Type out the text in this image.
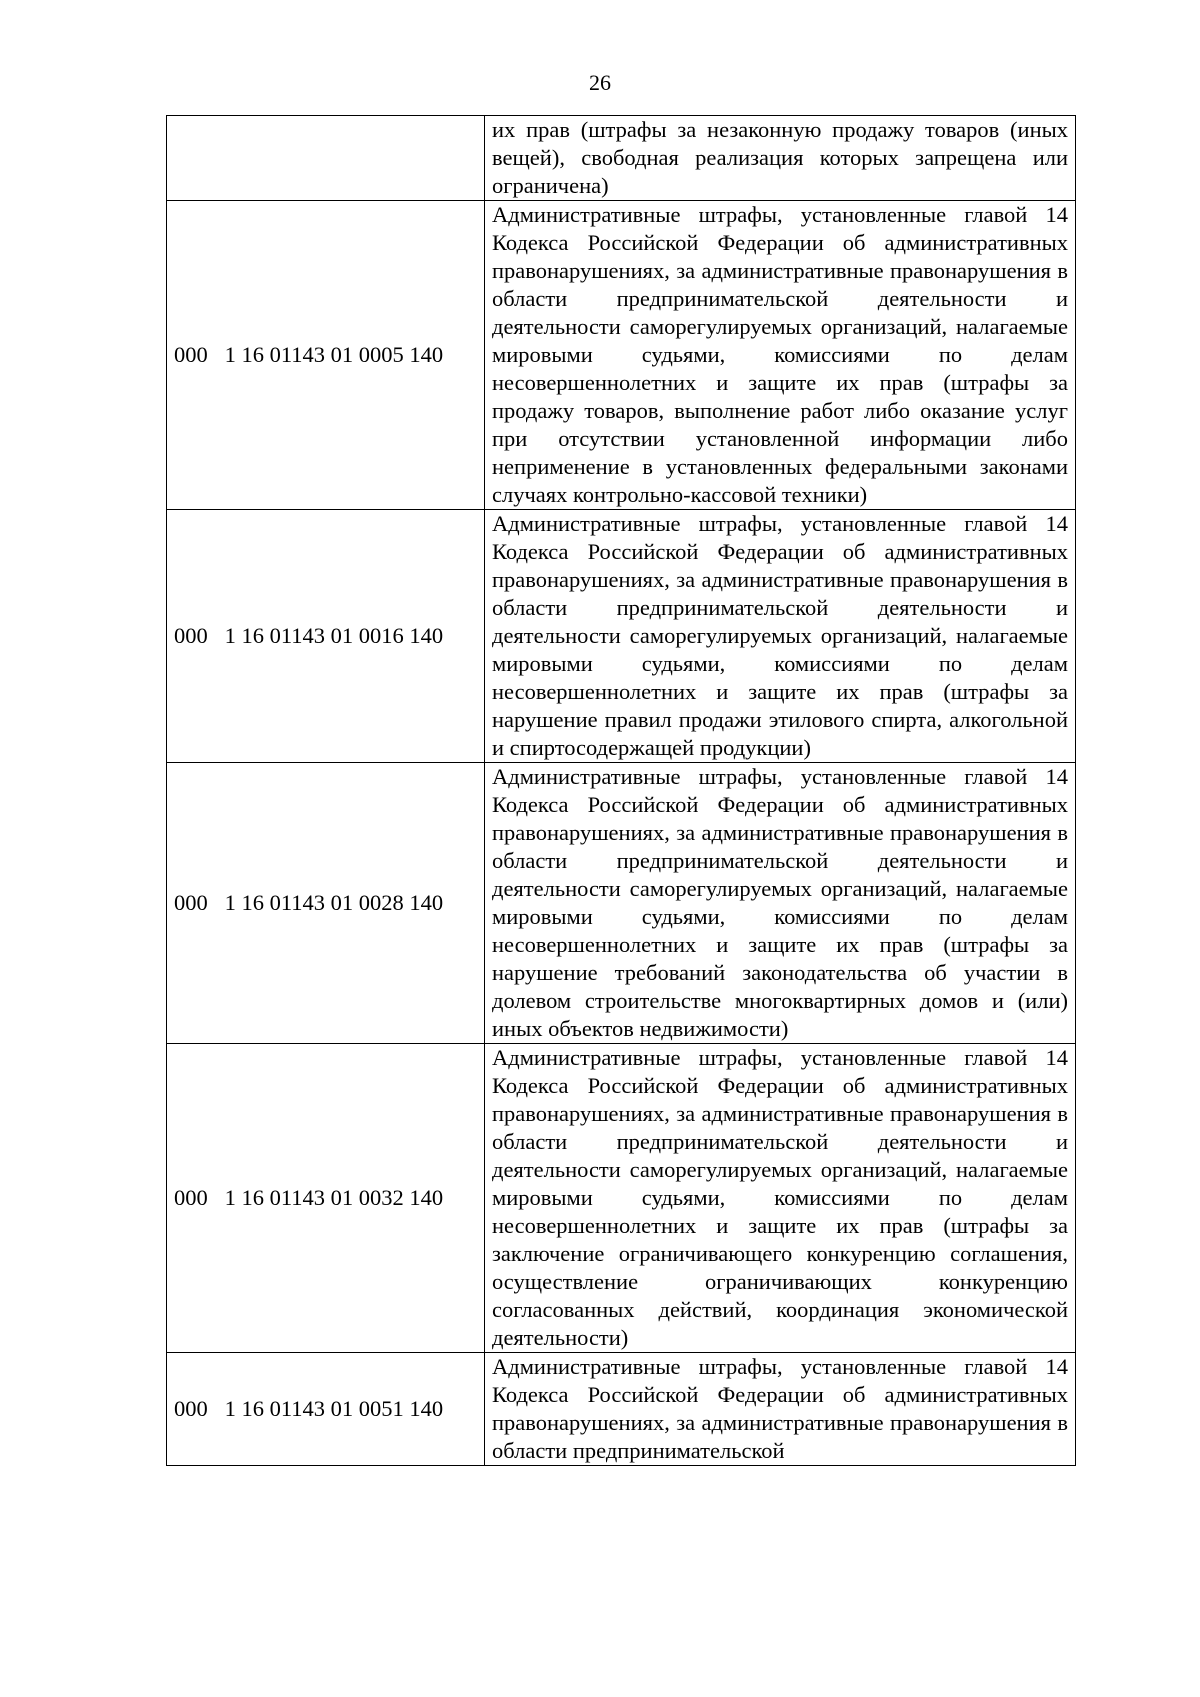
26
	их прав (штрафы за незаконную продажу товаров (иных вещей), свободная реализация которых запрещена или ограничена)
000   1 16 01143 01 0005 140	Административные штрафы, установленные главой 14 Кодекса Российской Федерации об административных правонарушениях, за административные правонарушения в области предпринимательской деятельности и деятельности саморегулируемых организаций, налагаемые мировыми судьями, комиссиями по делам несовершеннолетних и защите их прав (штрафы за продажу товаров, выполнение работ либо оказание услуг при отсутствии установленной информации либо неприменение в установленных федеральными законами случаях контрольно-кассовой техники)
000   1 16 01143 01 0016 140	Административные штрафы, установленные главой 14 Кодекса Российской Федерации об административных правонарушениях, за административные правонарушения в области предпринимательской деятельности и деятельности саморегулируемых организаций, налагаемые мировыми судьями, комиссиями по делам несовершеннолетних и защите их прав (штрафы за нарушение правил продажи этилового спирта, алкогольной и спиртосодержащей продукции)
000   1 16 01143 01 0028 140	Административные штрафы, установленные главой 14 Кодекса Российской Федерации об административных правонарушениях, за административные правонарушения в области предпринимательской деятельности и деятельности саморегулируемых организаций, налагаемые мировыми судьями, комиссиями по делам несовершеннолетних и защите их прав (штрафы за нарушение требований законодательства об участии в долевом строительстве многоквартирных домов и (или) иных объектов недвижимости)
000   1 16 01143 01 0032 140	Административные штрафы, установленные главой 14 Кодекса Российской Федерации об административных правонарушениях, за административные правонарушения в области предпринимательской деятельности и деятельности саморегулируемых организаций, налагаемые мировыми судьями, комиссиями по делам несовершеннолетних и защите их прав (штрафы за заключение ограничивающего конкуренцию соглашения, осуществление ограничивающих конкуренцию согласованных действий, координация экономической деятельности)
000   1 16 01143 01 0051 140	Административные штрафы, установленные главой 14 Кодекса Российской Федерации об административных правонарушениях, за административные правонарушения в области предпринимательской
